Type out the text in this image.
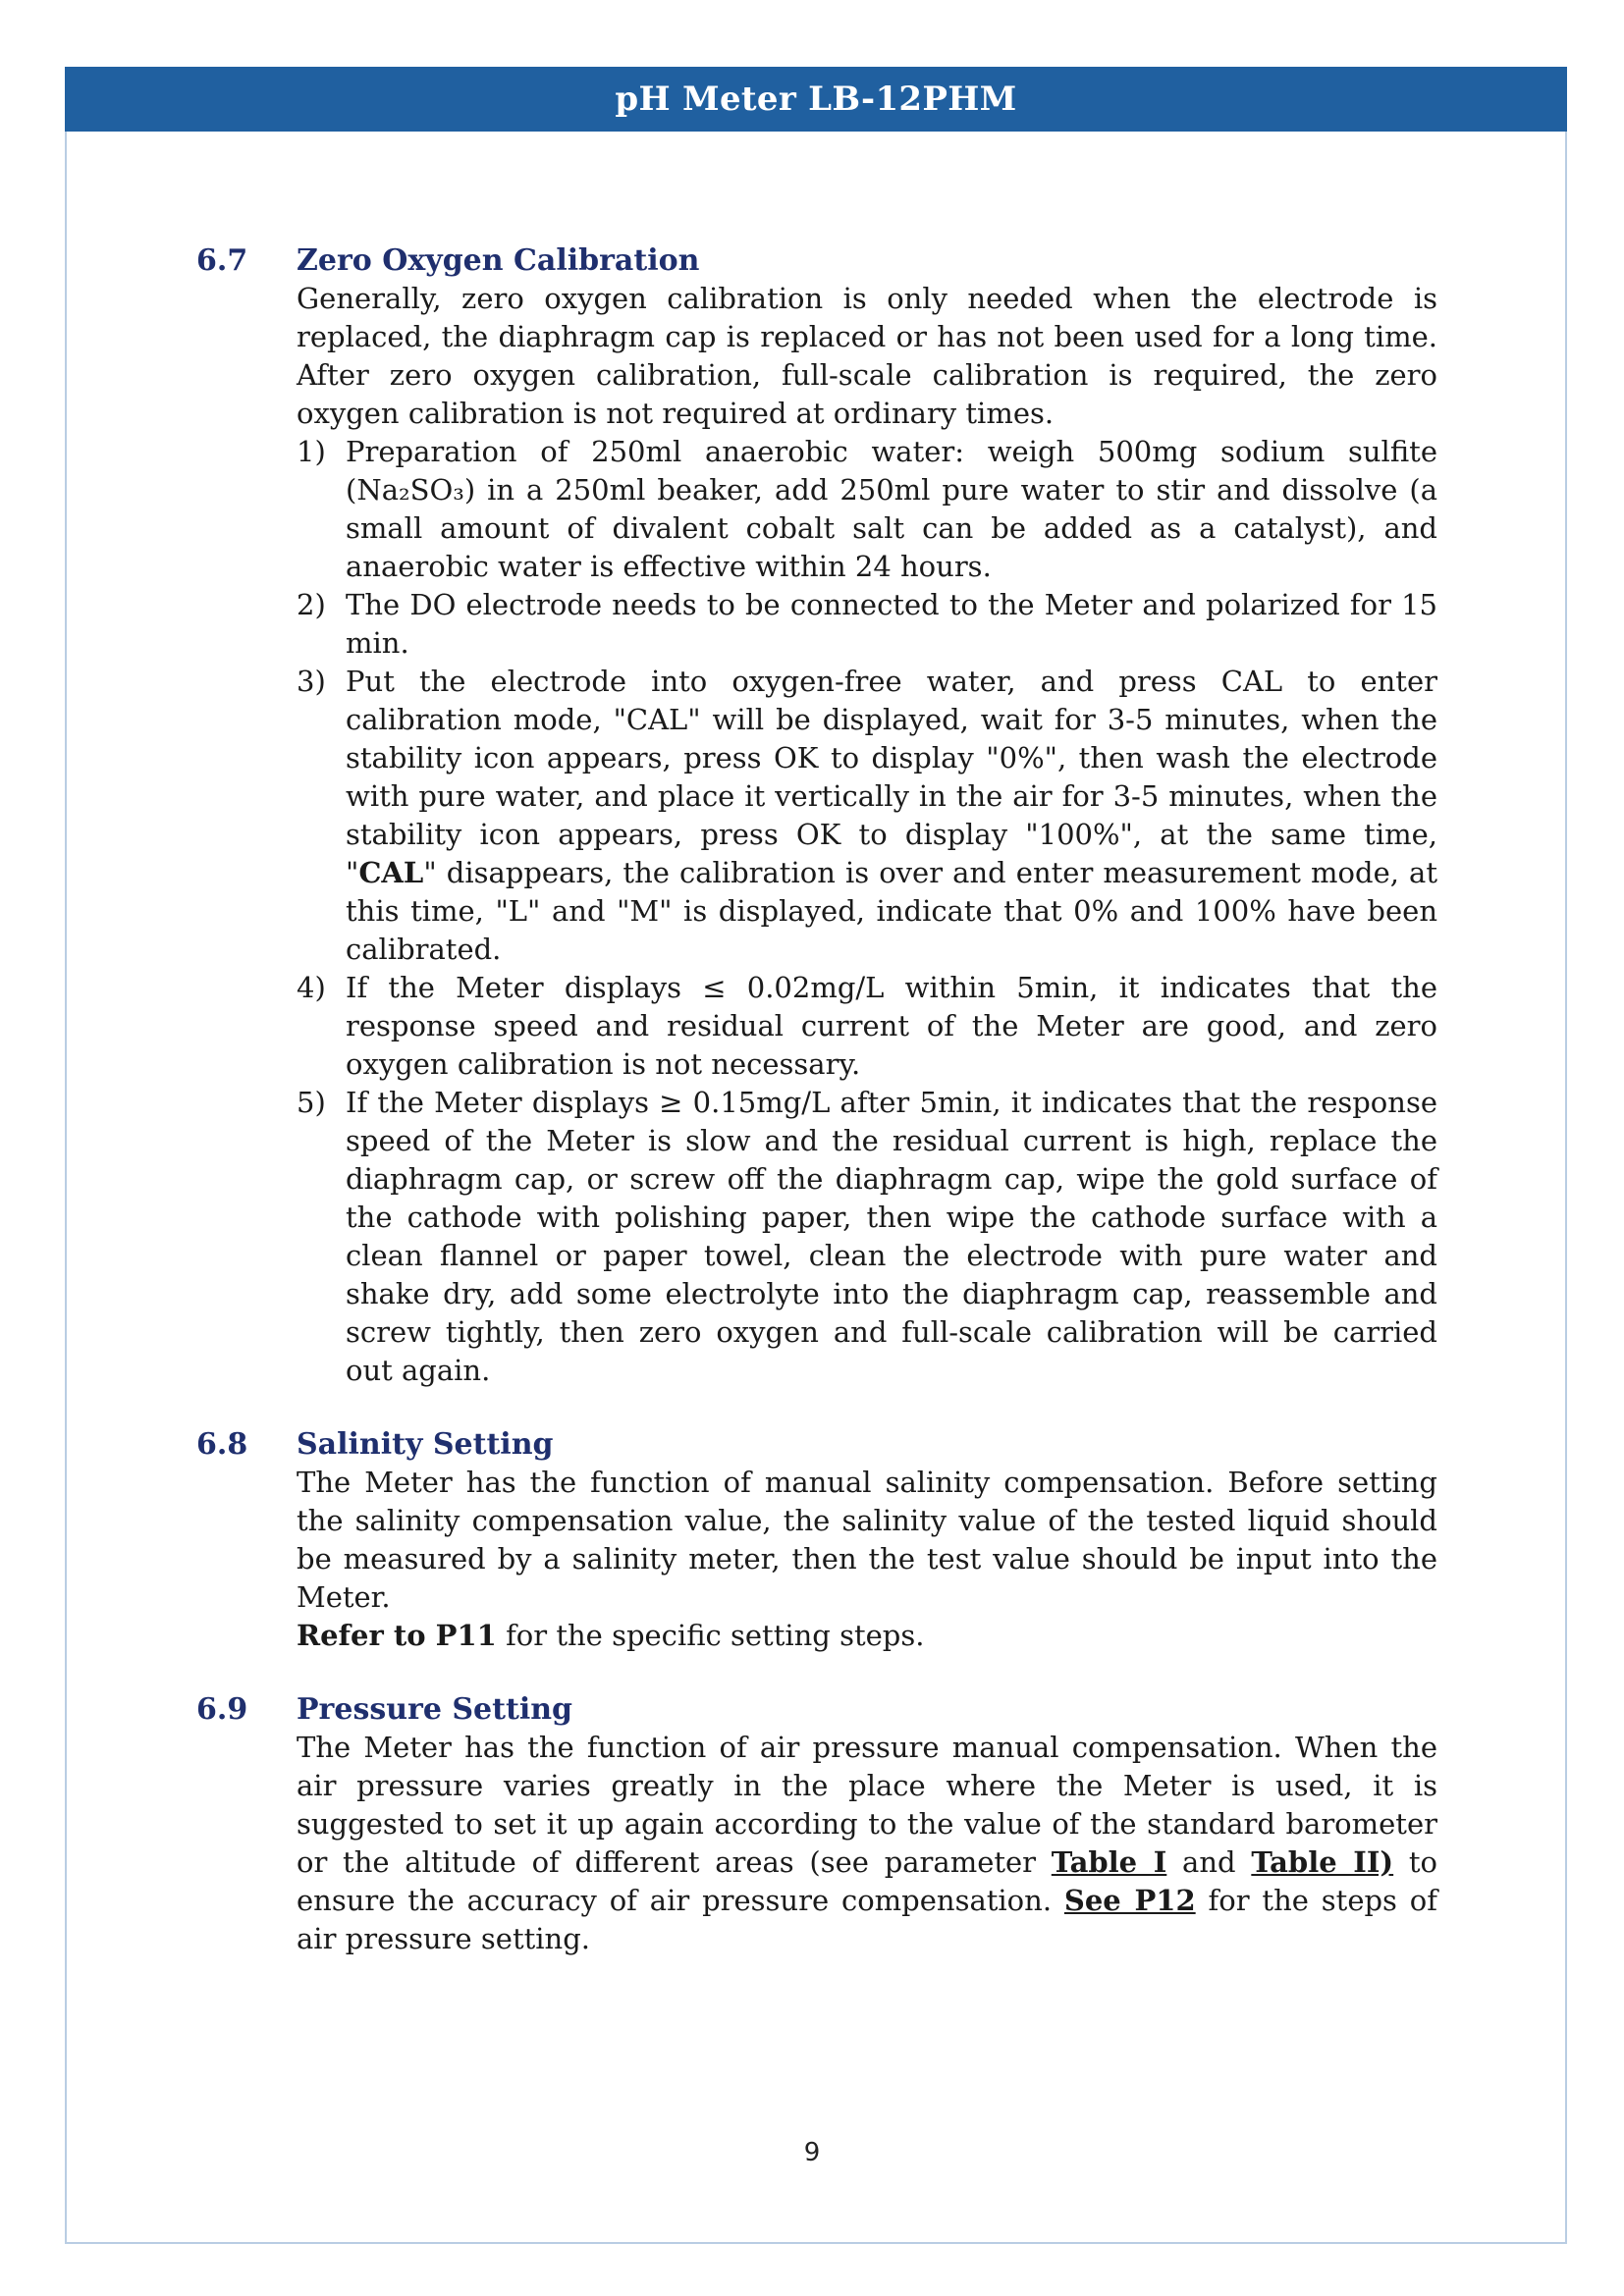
pH Meter LB-12PHM
6.7	Zero Oxygen Calibration

Generally, zero oxygen calibration is only needed when the electrode is replaced, the diaphragm cap is replaced or has not been used for a long time. After zero oxygen calibration, full-scale calibration is required, the zero oxygen calibration is not required at ordinary times.

1) Preparation of 250ml anaerobic water: weigh 500mg sodium sulfite (Na₂SO₃) in a 250ml beaker, add 250ml pure water to stir and dissolve (a small amount of divalent cobalt salt can be added as a catalyst), and anaerobic water is effective within 24 hours.
2) The DO electrode needs to be connected to the Meter and polarized for 15 min.
3) Put the electrode into oxygen-free water, and press CAL to enter calibration mode, "CAL" will be displayed, wait for 3-5 minutes, when the stability icon appears, press OK to display "0%", then wash the electrode with pure water, and place it vertically in the air for 3-5 minutes, when the stability icon appears, press OK to display "100%", at the same time, "CAL" disappears, the calibration is over and enter measurement mode, at this time, "L" and "M" is displayed, indicate that 0% and 100% have been calibrated.
4) If the Meter displays ≤ 0.02mg/L within 5min, it indicates that the response speed and residual current of the Meter are good, and zero oxygen calibration is not necessary.
5) If the Meter displays ≥ 0.15mg/L after 5min, it indicates that the response speed of the Meter is slow and the residual current is high, replace the diaphragm cap, or screw off the diaphragm cap, wipe the gold surface of the cathode with polishing paper, then wipe the cathode surface with a clean flannel or paper towel, clean the electrode with pure water and shake dry, add some electrolyte into the diaphragm cap, reassemble and screw tightly, then zero oxygen and full-scale calibration will be carried out again.
6.8	Salinity Setting

The Meter has the function of manual salinity compensation. Before setting the salinity compensation value, the salinity value of the tested liquid should be measured by a salinity meter, then the test value should be input into the Meter.
Refer to P11 for the specific setting steps.

6.9	Pressure Setting

The Meter has the function of air pressure manual compensation. When the air pressure varies greatly in the place where the Meter is used, it is suggested to set it up again according to the value of the standard barometer or the altitude of different areas (see parameter Table I and Table II) to ensure the accuracy of air pressure compensation. See P12 for the steps of air pressure setting.

9
